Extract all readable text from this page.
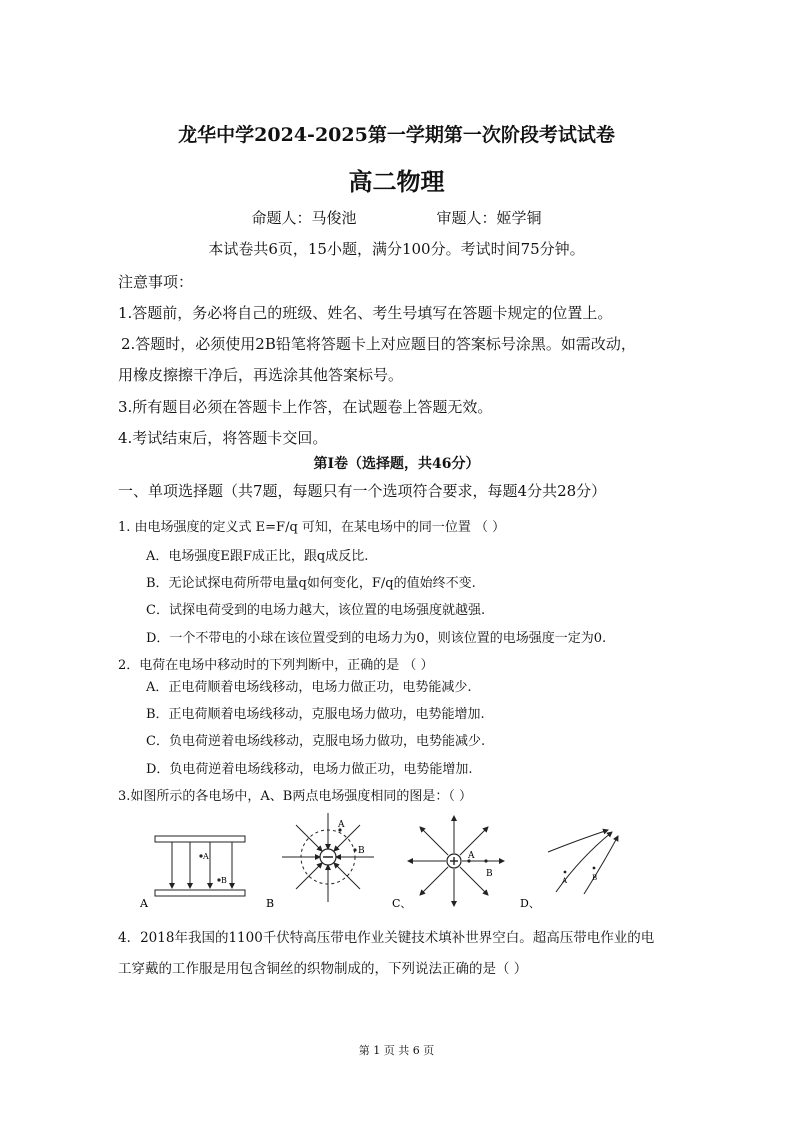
龙华中学2024-2025第一学期第一次阶段考试试卷
高二物理
命题人：马俊池	审题人：姬学铜
本试卷共6页，15小题，满分100分。考试时间75分钟。
注意事项：
1.答题前，务必将自己的班级、姓名、考生号填写在答题卡规定的位置上。
2.答题时，必须使用2B铅笔将答题卡上对应题目的答案标号涂黑。如需改动，
用橡皮擦擦干净后，再选涂其他答案标号。
3.所有题目必须在答题卡上作答，在试题卷上答题无效。
4.考试结束后，将答题卡交回。
第Ⅰ卷（选择题，共46分）
一、单项选择题（共7题，每题只有一个选项符合要求，每题4分共28分）
1. 由电场强度的定义式 E=F/q 可知，在某电场中的同一位置 （ ）
A．电场强度E跟F成正比，跟q成反比.
B．无论试探电荷所带电量q如何变化，F/q的值始终不变.
C．试探电荷受到的电场力越大，该位置的电场强度就越强.
D．一个不带电的小球在该位置受到的电场力为0，则该位置的电场强度一定为0.
2．电荷在电场中移动时的下列判断中，正确的是 （ ）
A．正电荷顺着电场线移动，电场力做正功，电势能减少.
B．正电荷顺着电场线移动，克服电场力做功，电势能增加.
C．负电荷逆着电场线移动，克服电场力做功，电势能减少.
D．负电荷逆着电场线移动，电场力做正功，电势能增加.
3.如图所示的各电场中，A、B两点电场强度相同的图是：（ ）
A
B
A
A
B
B
A
B
C、
A	B
D、
4．2018年我国的1100千伏特高压带电作业关键技术填补世界空白。超高压带电作业的电
工穿戴的工作服是用包含铜丝的织物制成的，下列说法正确的是（ ）
第 1 页 共 6 页
